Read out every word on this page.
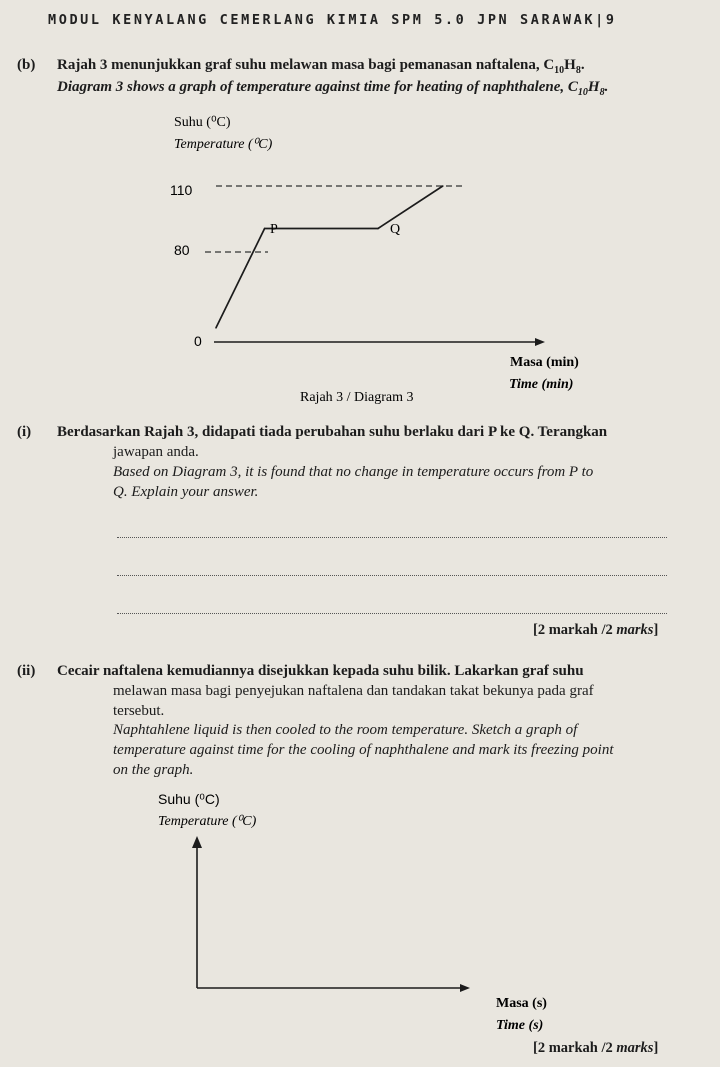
MODUL KENYALANG CEMERLANG KIMIA SPM 5.0 JPN SARAWAK|9
(b) Rajah 3 menunjukkan graf suhu melawan masa bagi pemanasan naftalena, $C_{10}H_8$.
Diagram 3 shows a graph of temperature against time for heating of naphthalene, $C_{10}H_8$.
Suhu (⁰C)
Temperature (⁰C)
110
80
0
P	Q
Masa (min)
Time (min)
Rajah 3 / Diagram 3
(i) Berdasarkan Rajah 3, didapati tiada perubahan suhu berlaku dari P ke Q. Terangkan
jawapan anda.
Based on Diagram 3, it is found that no change in temperature occurs from P to
Q. Explain your answer.
[2 markah /2 marks]
(ii) Cecair naftalena kemudiannya disejukkan kepada suhu bilik. Lakarkan graf suhu
melawan masa bagi penyejukan naftalena dan tandakan takat bekunya pada graf
tersebut.
Naphtahlene liquid is then cooled to the room temperature. Sketch a graph of
temperature against time for the cooling of naphthalene and mark its freezing point
on the graph.
Suhu (⁰C)
Temperature (⁰C)
Masa (s)
Time (s)
[2 markah /2 marks]
